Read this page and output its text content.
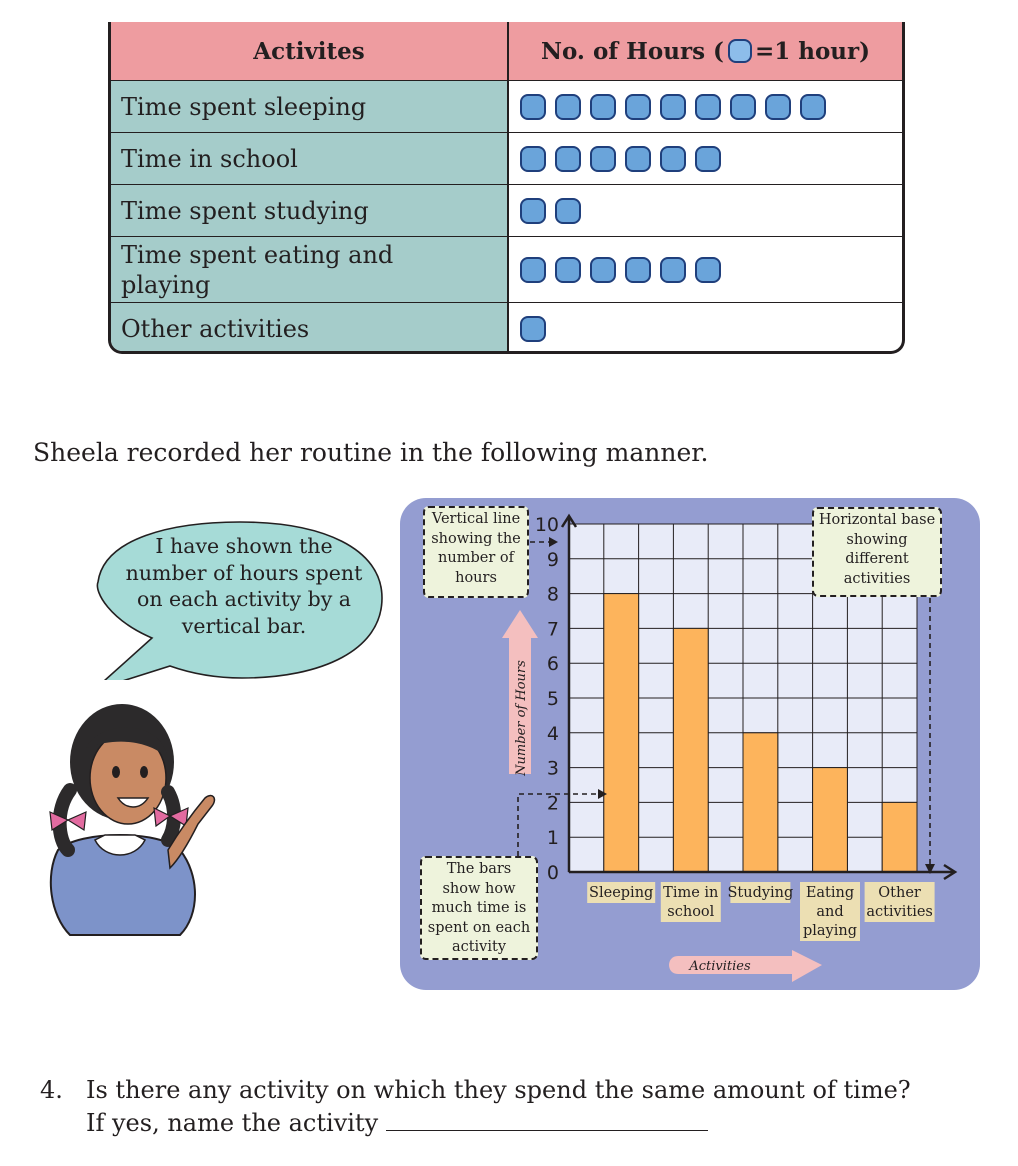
Activites	No. of Hours ( =1 hour)
Time spent sleeping
Time in school
Time spent studying
Time spent eating and playing
Other activities
Sheela recorded her routine in the following manner.
I have shown the number of hours spent on each activity by a vertical bar.
0
1
2
3
4
5
6
7
8
9
10
Sleeping Time in school
Studying Eating and playing
Other activities
Number of Hours
Activities
Vertical line showing the number of hours
Horizontal base showing different activities
The bars show how much time is spent on each activity
4. Is there any activity on which they spend the same amount of time?
If yes, name the activity
